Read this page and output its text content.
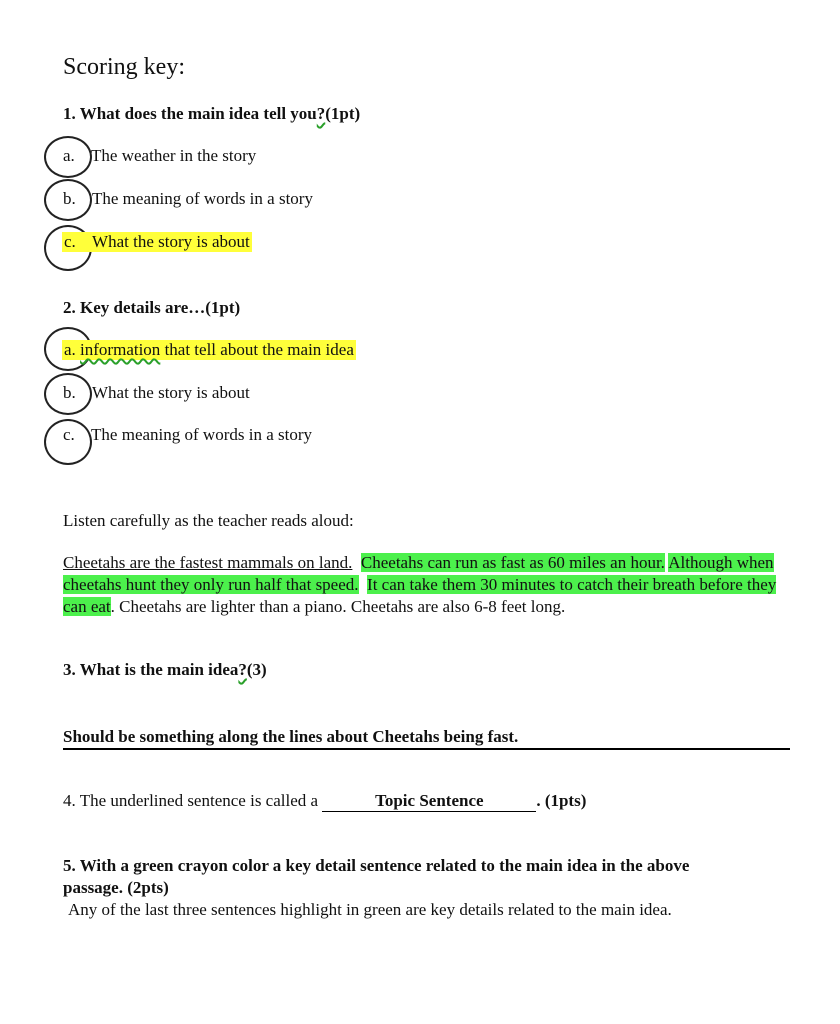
Scoring key:
1. What does the main idea tell you?(1pt)
a. The weather in the story
b. The meaning of words in a story
c. What the story is about
2. Key details are…(1pt)
a. information that tell about the main idea
b. What the story is about
c. The meaning of words in a story
Listen carefully as the teacher reads aloud:
Cheetahs are the fastest mammals on land. Cheetahs can run as fast as 60 miles an hour. Although when cheetahs hunt they only run half that speed. It can take them 30 minutes to catch their breath before they can eat. Cheetahs are lighter than a piano. Cheetahs are also 6-8 feet long.
3. What is the main idea?(3)
Should be something along the lines about Cheetahs being fast.
4. The underlined sentence is called a	Topic Sentence	. (1pts)
5. With a green crayon color a key detail sentence related to the main idea in the above
passage. (2pts)
Any of the last three sentences highlight in green are key details related to the main idea.
